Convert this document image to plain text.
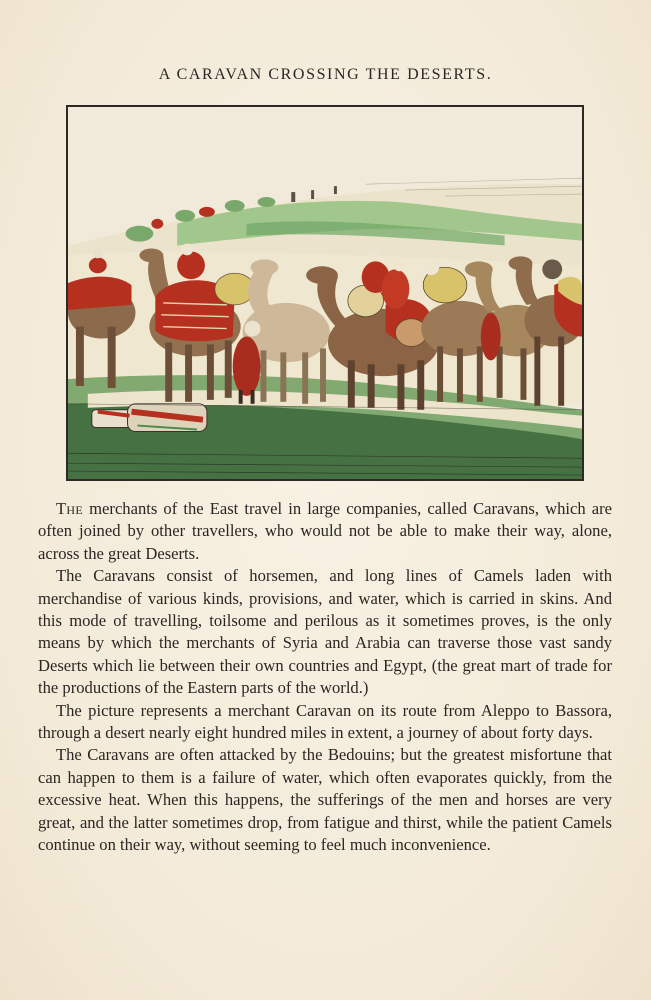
A CARAVAN CROSSING THE DESERTS.

The merchants of the East travel in large companies, called Caravans, which are often joined by other travellers, who would not be able to make their way, alone, across the great Deserts.

The Caravans consist of horsemen, and long lines of Camels laden with merchandise of various kinds, provisions, and water, which is carried in skins. And this mode of travelling, toilsome and perilous as it sometimes proves, is the only means by which the merchants of Syria and Arabia can traverse those vast sandy Deserts which lie between their own countries and Egypt, (the great mart of trade for the productions of the Eastern parts of the world.)

The picture represents a merchant Caravan on its route from Aleppo to Bassora, through a desert nearly eight hundred miles in extent, a journey of about forty days.

The Caravans are often attacked by the Bedouins; but the greatest misfortune that can happen to them is a failure of water, which often evaporates quickly, from the excessive heat. When this happens, the sufferings of the men and horses are very great, and the latter sometimes drop, from fatigue and thirst, while the patient Camels continue on their way, without seeming to feel much inconvenience.
